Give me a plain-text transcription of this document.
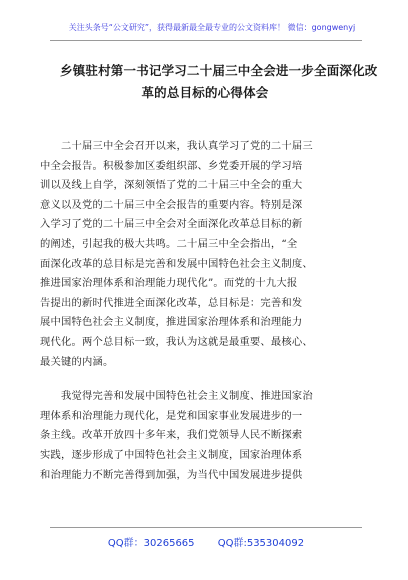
关注头条号“公文研究”，获得最新最全最专业的公文资料库！ 微信：gongwenyj
乡镇驻村第一书记学习二十届三中全会进一步全面深化改
革的总目标的心得体会
二十届三中全会召开以来，我认真学习了党的二十届三
中全会报告。积极参加区委组织部、乡党委开展的学习培
训以及线上自学，深刻领悟了党的二十届三中全会的重大
意义以及党的二十届三中全会报告的重要内容。特别是深
入学习了党的二十届三中全会对全面深化改革总目标的新
的阐述，引起我的极大共鸣。二十届三中全会指出，“全
面深化改革的总目标是完善和发展中国特色社会主义制度、
推进国家治理体系和治理能力现代化”。而党的十九大报
告提出的新时代推进全面深化改革，总目标是：完善和发
展中国特色社会主义制度，推进国家治理体系和治理能力
现代化。两个总目标一致，我认为这就是最重要、最核心、
最关键的内涵。
我觉得完善和发展中国特色社会主义制度、推进国家治
理体系和治理能力现代化，是党和国家事业发展进步的一
条主线。改革开放四十多年来，我们党领导人民不断探索
实践，逐步形成了中国特色社会主义制度，国家治理体系
和治理能力不断完善得到加强，为当代中国发展进步提供
QQ群：30265665 QQ群:535304092
